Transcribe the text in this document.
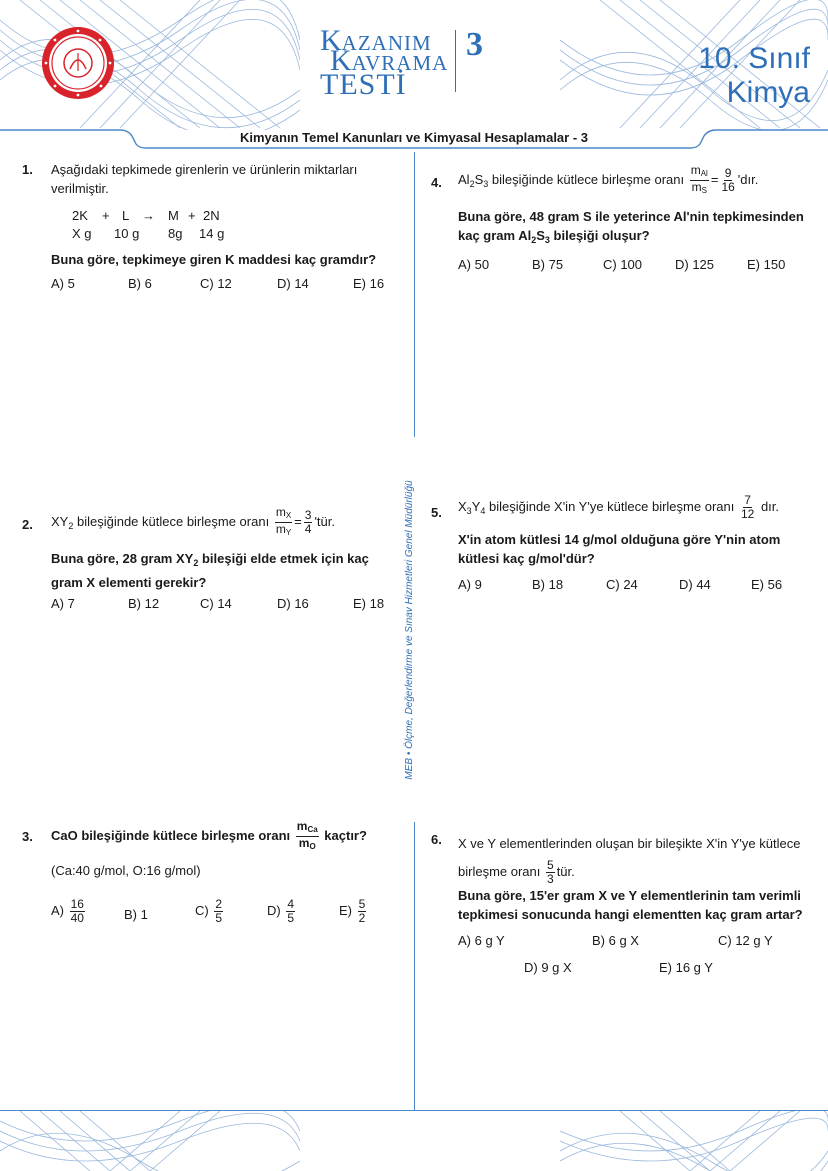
KAZANIM
KAVRAMA
TESTİ
3	10. Sınıf
Kimya
Kimyanın Temel Kanunları ve Kimyasal Hesaplamalar - 3
MEB • Ölçme, Değerlendirme ve Sınav Hizmetleri Genel Müdürlüğü
1. Aşağıdaki tepkimede girenlerin ve ürünlerin miktarları verilmiştir.
2K + L → M + 2N
X g 10 g 8g 14 g
Buna göre, tepkimeye giren K maddesi kaç gramdır?
A) 5	B) 6	C) 12	D) 14	E) 16
2. $XY_2$ bileşiğinde kütlece birleşme oranı $\frac{m_X}{m_Y} = \frac{3}{4}$ 'tür.
Buna göre, 28 gram $XY_2$ bileşiği elde etmek için kaç gram X elementi gerekir?
A) 7	B) 12	C) 14	D) 16	E) 18
3. CaO bileşiğinde kütlece birleşme oranı $\frac{m_{Ca}}{m_O}$ kaçtır?
(Ca:40 g/mol, O:16 g/mol)
$A) \frac{16}{40}$	B) 1	$C) \frac{2}{5}$	$D) \frac{4}{5}$	$E) \frac{5}{2}$
4. $Al_2S_3$ bileşiğinde kütlece birleşme oranı $\frac{m_{Al}}{m_S} = \frac{9}{16}$ 'dır.
Buna göre, 48 gram S ile yeterince Al'nin tepkimesinden kaç gram $Al_2S_3$ bileşiği oluşur?
A) 50	B) 75	C) 100	D) 125	E) 150
5. $X_3Y_4$ bileşiğinde X'in Y'ye kütlece birleşme oranı $\frac{7}{12}$ dır.
X'in atom kütlesi 14 g/mol olduğuna göre Y'nin atom kütlesi kaç g/mol'dür?
A) 9	B) 18	C) 24	D) 44	E) 56
6. X ve Y elementlerinden oluşan bir bileşikte X'in Y'ye kütlece birleşme oranı $\frac{5}{3}$ tür.
Buna göre, 15'er gram X ve Y elementlerinin tam verimli tepkimesi sonucunda hangi elementten kaç gram artar?
A) 6 g Y	B) 6 g X	C) 12 g Y
D) 9 g X	E) 16 g Y
